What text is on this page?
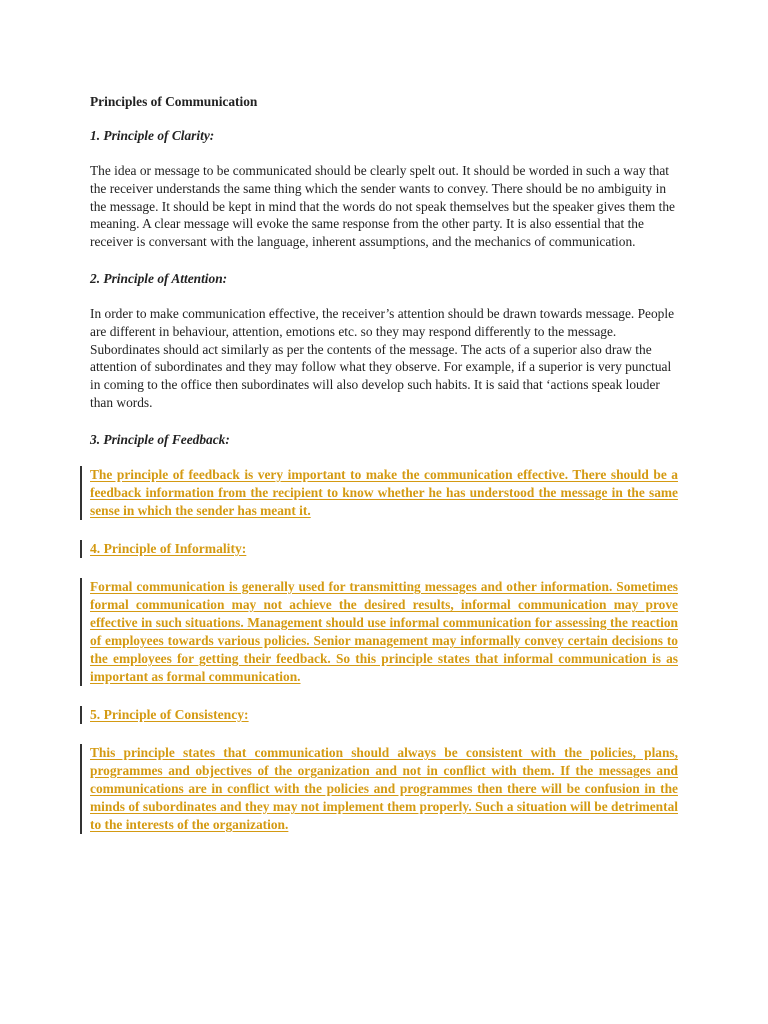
Principles of Communication

1. Principle of Clarity:

The idea or message to be communicated should be clearly spelt out. It should be worded in such a way that the receiver understands the same thing which the sender wants to convey. There should be no ambiguity in the message. It should be kept in mind that the words do not speak themselves but the speaker gives them the meaning. A clear message will evoke the same response from the other party. It is also essential that the receiver is conversant with the language, inherent assumptions, and the mechanics of communication.

2. Principle of Attention:

In order to make communication effective, the receiver’s attention should be drawn towards message. People are different in behaviour, attention, emotions etc. so they may respond differently to the message. Subordinates should act similarly as per the contents of the message. The acts of a superior also draw the attention of subordinates and they may follow what they observe. For example, if a superior is very punctual in coming to the office then subordinates will also develop such habits. It is said that ‘actions speak louder than words.

3. Principle of Feedback:

The principle of feedback is very important to make the communication effective. There should be a feedback information from the recipient to know whether he has understood the message in the same sense in which the sender has meant it.
4. Principle of Informality:
Formal communication is generally used for transmitting messages and other information. Sometimes formal communication may not achieve the desired results, informal communication may prove effective in such situations. Management should use informal communication for assessing the reaction of employees towards various policies. Senior management may informally convey certain decisions to the employees for getting their feedback. So this principle states that informal communication is as important as formal communication.
5. Principle of Consistency:
This principle states that communication should always be consistent with the policies, plans, programmes and objectives of the organization and not in conflict with them. If the messages and communications are in conflict with the policies and programmes then there will be confusion in the minds of subordinates and they may not implement them properly. Such a situation will be detrimental to the interests of the organization.
